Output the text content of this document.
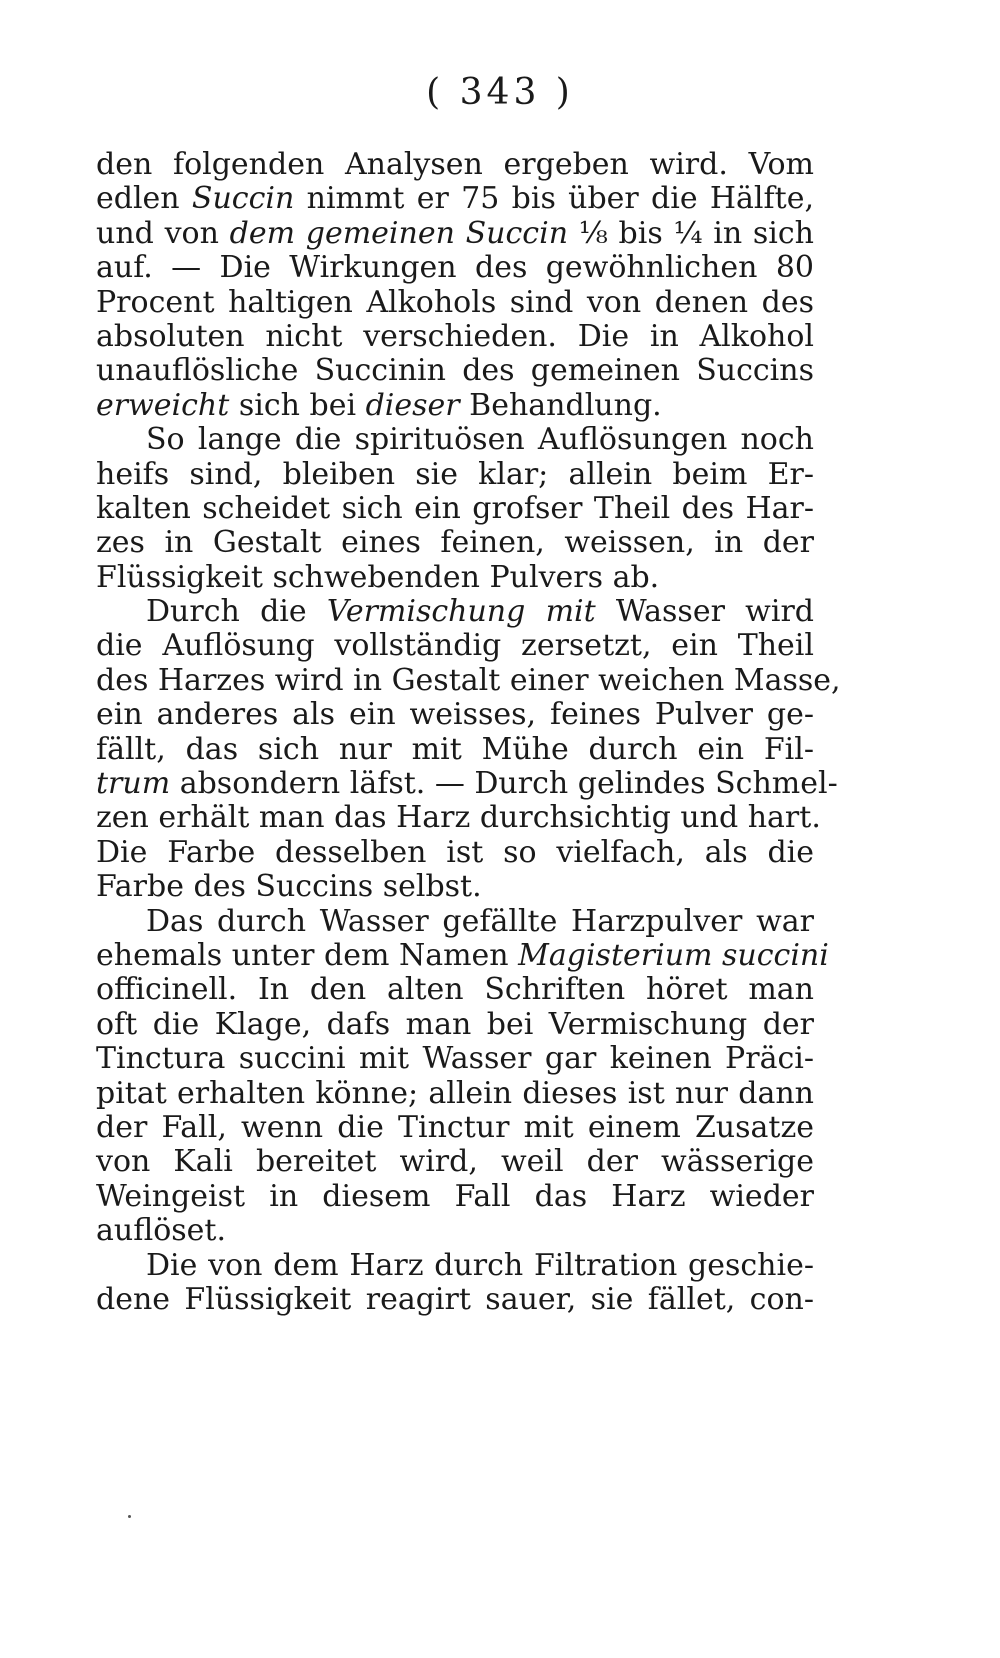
( 343 )
den folgenden Analysen ergeben wird. Vom
edlen Succin nimmt er 75 bis über die Hälfte,
und von dem gemeinen Succin ⅛ bis ¼ in sich
auf. — Die Wirkungen des gewöhnlichen 80
Procent haltigen Alkohols sind von denen des
absoluten nicht verschieden. Die in Alkohol
unauflösliche Succinin des gemeinen Succins
erweicht sich bei dieser Behandlung.
So lange die spirituösen Auflösungen noch
heifs sind, bleiben sie klar; allein beim Er-
kalten scheidet sich ein grofser Theil des Har-
zes in Gestalt eines feinen, weissen, in der
Flüssigkeit schwebenden Pulvers ab.
Durch die Vermischung mit Wasser wird
die Auflösung vollständig zersetzt, ein Theil
des Harzes wird in Gestalt einer weichen Masse,
ein anderes als ein weisses, feines Pulver ge-
fällt, das sich nur mit Mühe durch ein Fil-
trum absondern läfst. — Durch gelindes Schmel-
zen erhält man das Harz durchsichtig und hart.
Die Farbe desselben ist so vielfach, als die
Farbe des Succins selbst.
Das durch Wasser gefällte Harzpulver war
ehemals unter dem Namen Magisterium succini
officinell. In den alten Schriften höret man
oft die Klage, dafs man bei Vermischung der
Tinctura succini mit Wasser gar keinen Präci-
pitat erhalten könne; allein dieses ist nur dann
der Fall, wenn die Tinctur mit einem Zusatze
von Kali bereitet wird, weil der wässerige
Weingeist in diesem Fall das Harz wieder
auflöset.
Die von dem Harz durch Filtration geschie-
dene Flüssigkeit reagirt sauer, sie fället, con-
